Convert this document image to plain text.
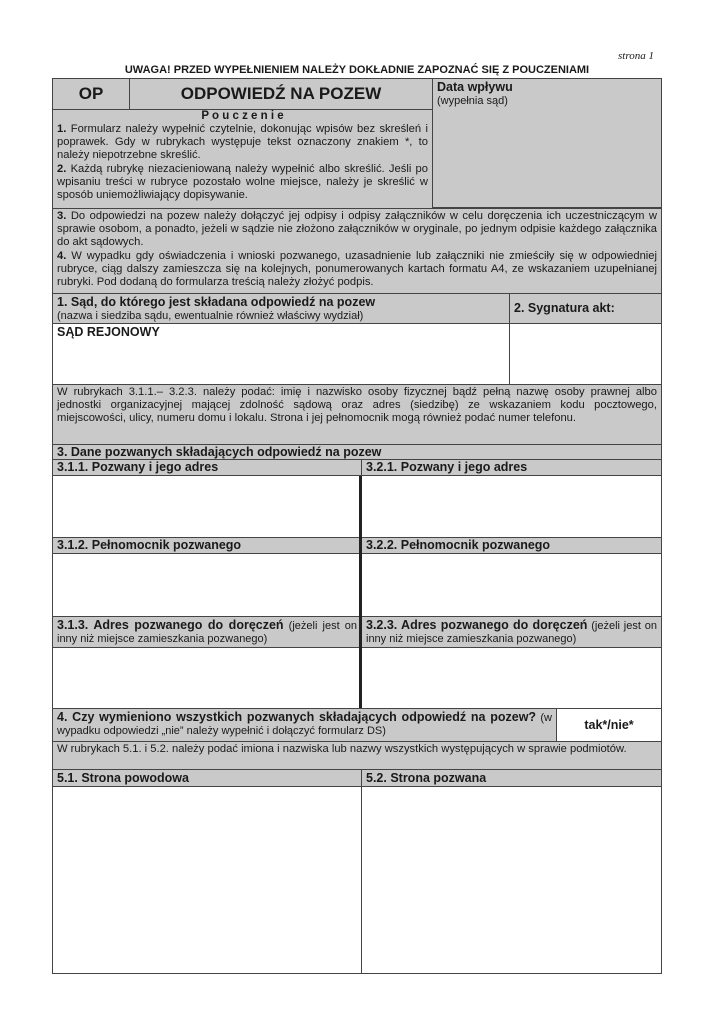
strona 1
UWAGA! PRZED WYPEŁNIENIEM NALEŻY DOKŁADNIE ZAPOZNAĆ SIĘ Z POUCZENIAMI
OP	ODPOWIEDŹ NA POZEW	Data wpływu
(wypełnia sąd)
P o u c z e n i e
1. Formularz należy wypełnić czytelnie, dokonując wpisów bez skreśleń i poprawek. Gdy w rubrykach występuje tekst oznaczony znakiem *, to należy niepotrzebne skreślić.
2. Każdą rubrykę niezacieniowaną należy wypełnić albo skreślić. Jeśli po wpisaniu treści w rubryce pozostało wolne miejsce, należy je skreślić w sposób uniemożliwiający dopisywanie.
3. Do odpowiedzi na pozew należy dołączyć jej odpisy i odpisy załączników w celu doręczenia ich uczestniczącym w sprawie osobom, a ponadto, jeżeli w sądzie nie złożono załączników w oryginale, po jednym odpisie każdego załącznika do akt sądowych.
4. W wypadku gdy oświadczenia i wnioski pozwanego, uzasadnienie lub załączniki nie zmieściły się w odpowiedniej rubryce, ciąg dalszy zamieszcza się na kolejnych, ponumerowanych kartach formatu A4, ze wskazaniem uzupełnianej rubryki. Pod dodaną do formularza treścią należy złożyć podpis.
1. Sąd, do którego jest składana odpowiedź na pozew
(nazwa i siedziba sądu, ewentualnie również właściwy wydział)
2. Sygnatura akt:
SĄD REJONOWY
W rubrykach 3.1.1.– 3.2.3. należy podać: imię i nazwisko osoby fizycznej bądź pełną nazwę osoby prawnej albo jednostki organizacyjnej mającej zdolność sądową oraz adres (siedzibę) ze wskazaniem kodu pocztowego, miejscowości, ulicy, numeru domu i lokalu. Strona i jej pełnomocnik mogą również podać numer telefonu.
3. Dane pozwanych składających odpowiedź na pozew
3.1.1. Pozwany i jego adres	3.2.1. Pozwany i jego adres
3.1.2. Pełnomocnik pozwanego	3.2.2. Pełnomocnik pozwanego
3.1.3. Adres pozwanego do doręczeń (jeżeli jest on inny niż miejsce zamieszkania pozwanego)
3.2.3. Adres pozwanego do doręczeń (jeżeli jest on inny niż miejsce zamieszkania pozwanego)
4. Czy wymieniono wszystkich pozwanych składających odpowiedź na pozew? (w wypadku odpowiedzi „nie” należy wypełnić i dołączyć formularz DS)	tak*/nie*
W rubrykach 5.1. i 5.2. należy podać imiona i nazwiska lub nazwy wszystkich występujących w sprawie podmiotów.
5.1. Strona powodowa	5.2. Strona pozwana
